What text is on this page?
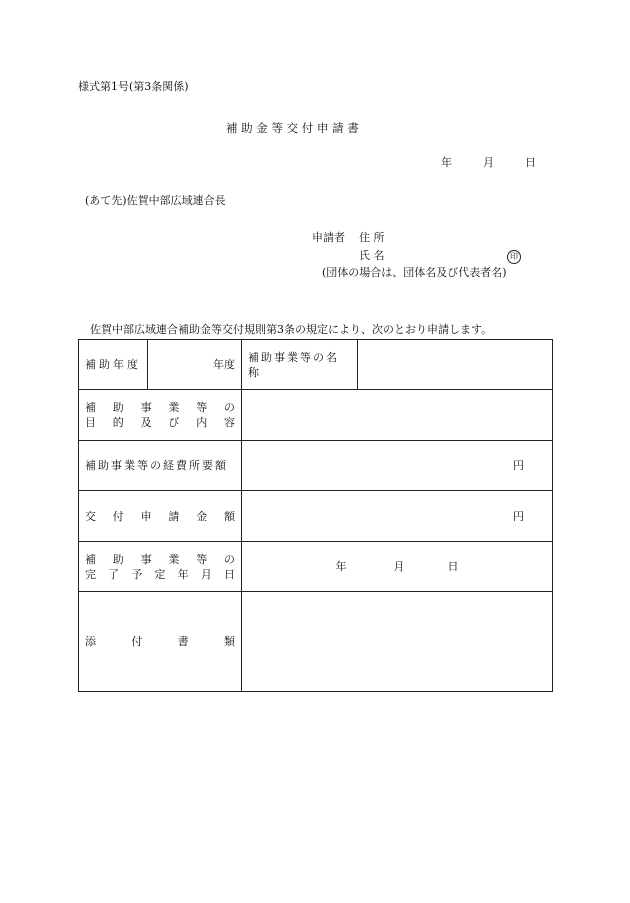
様式第1号(第3条関係)
補 助 金 等 交 付 申 請 書
年	月	日
(あて先)佐賀中部広域連合長
申請者 住 所
氏 名	印
(団体の場合は、団体名及び代表者名)
佐賀中部広域連合補助金等交付規則第3条の規定により、次のとおり申請します。
補助年度	年度	補助事業等の名称	

補助事業等の
目的及び内容			

補助事業等の経費所要額		円	

交付申請金額		円	

補助事業等の
完了予定年月日		年 月 日	

添付書類			
